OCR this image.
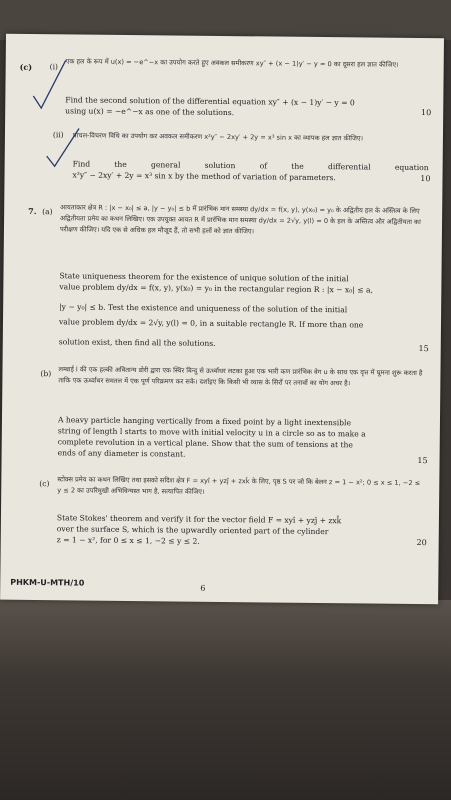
(c) (i) एक हल के रूप में u(x) = −e^−x का उपयोग करते हुए अवकल समीकरण xy″ + (x − 1)y′ − y = 0 का दूसरा हल ज्ञात कीजिए।
Find the second solution of the differential equation xy″ + (x − 1)y′ − y = 0
using u(x) = −e^−x as one of the solutions.	10
(ii) प्राचल-विचरण विधि का उपयोग कर अवकल समीकरण x²y″ − 2xy′ + 2y = x³ sin x का व्यापक हल ज्ञात कीजिए।
Find the general solution of the differential equation
x²y″ − 2xy′ + 2y = x³ sin x by the method of variation of parameters.	10
7. (a) आयताकार क्षेत्र R : |x − x₀| ≤ a, |y − y₀| ≤ b में प्रारंभिक मान समस्या dy/dx = f(x, y), y(x₀) = y₀ के अद्वितीय हल के अस्तित्व के लिए अद्वितीयता प्रमेय का कथन लिखिए। एक उपयुक्त आयत R में प्रारंभिक मान समस्या dy/dx = 2√y, y(l) = 0 के हल के अस्तित्व और अद्वितीयता का परीक्षण कीजिए। यदि एक से अधिक हल मौजूद हैं, तो सभी हलों को ज्ञात कीजिए।
State uniqueness theorem for the existence of unique solution of the initial
value problem dy/dx = f(x, y), y(x₀) = y₀ in the rectangular region R : |x − x₀| ≤ a,
|y − y₀| ≤ b. Test the existence and uniqueness of the solution of the initial
value problem dy/dx = 2√y, y(l) = 0, in a suitable rectangle R. If more than one
solution exist, then find all the solutions.
15
(b) लम्बाई l की एक हल्की अवितान्य डोरी द्वारा एक स्थिर बिन्दु से ऊर्ध्वाधर लटका हुआ एक भारी कण प्रारंभिक वेग u के साथ एक वृत्त में घूमना शुरू करता है ताकि एक ऊर्ध्वाधर समतल में एक पूर्ण परिक्रमण कर सके। दर्शाइए कि किसी भी व्यास के सिरों पर तनावों का योग अचर है।
A heavy particle hanging vertically from a fixed point by a light inextensible
string of length l starts to move with initial velocity u in a circle so as to make a
complete revolution in a vertical plane. Show that the sum of tensions at the
ends of any diameter is constant.
15
(c) स्टोक्स प्रमेय का कथन लिखिए तथा इसको सदिश क्षेत्र F = xyî + yzĵ + zxk̂ के लिए, पृष्ठ S पर जो कि बेलन z = 1 − x²; 0 ≤ x ≤ 1, −2 ≤ y ≤ 2 का उपरिमुखी अभिविन्यस्त भाग है, सत्यापित कीजिए।
State Stokes' theorem and verify it for the vector field F = xyî + yzĵ + zxk̂
over the surface S, which is the upwardly oriented part of the cylinder
z = 1 − x², for 0 ≤ x ≤ 1, −2 ≤ y ≤ 2.	20
PHKM-U-MTH/10
6
